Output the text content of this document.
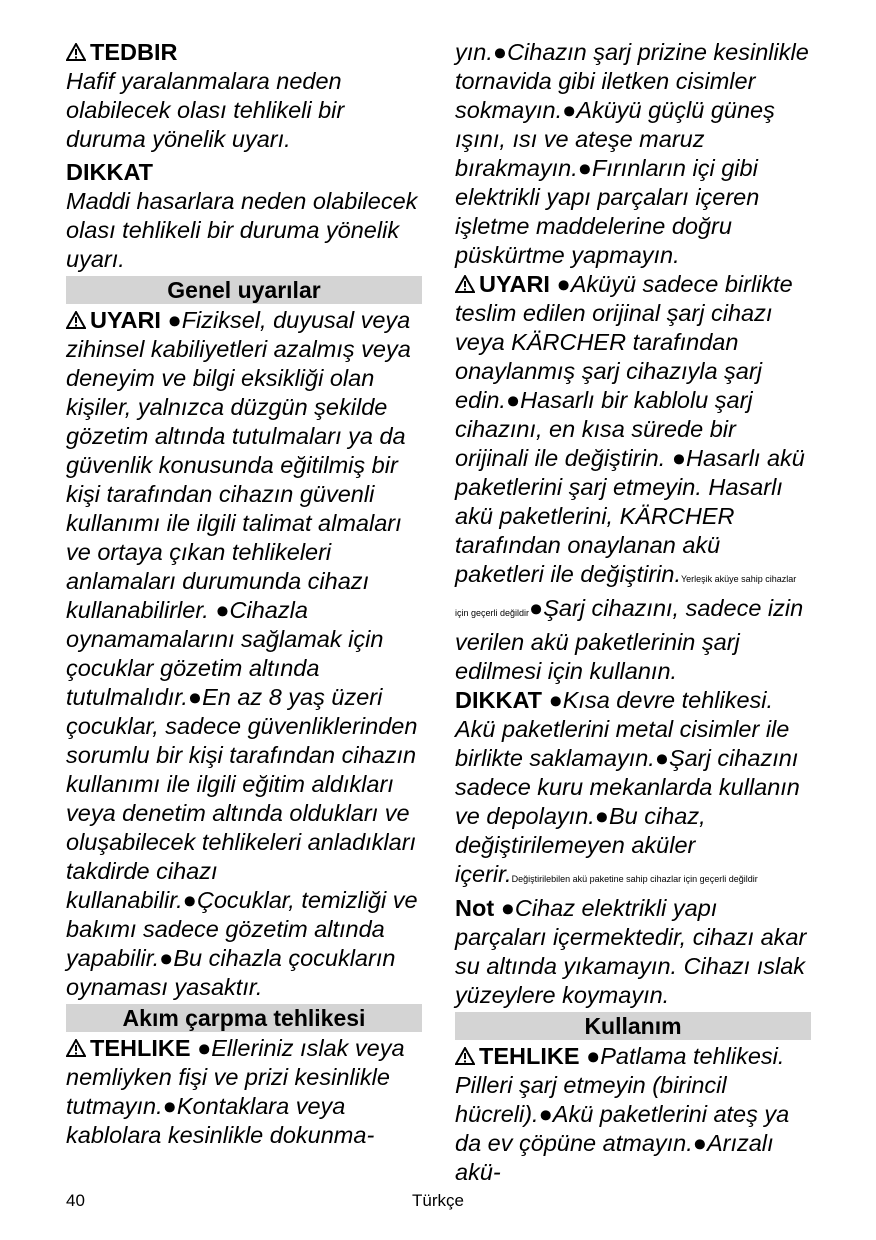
TEDBIR

Hafif yaralanmalara neden olabilecek olası tehlikeli bir duruma yönelik uyarı.

DIKKAT

Maddi hasarlara neden olabilecek olası tehlikeli bir duruma yönelik uyarı.

Genel uyarılar

UYARI ●Fiziksel, duyusal veya zihinsel kabiliyetleri azalmış veya deneyim ve bilgi eksikliği olan kişiler, yalnızca düzgün şekilde gözetim altında tutulmaları ya da güvenlik konusunda eğitilmiş bir kişi tarafından cihazın güvenli kullanımı ile ilgili talimat almaları ve ortaya çıkan tehlikeleri anlamaları durumunda cihazı kullanabilirler. ●Cihazla oynamamalarını sağlamak için çocuklar gözetim altında tutulmalıdır.●En az 8 yaş üzeri çocuklar, sadece güvenliklerinden sorumlu bir kişi tarafından cihazın kullanımı ile ilgili eğitim aldıkları veya denetim altında oldukları ve oluşabilecek tehlikeleri anladıkları takdirde cihazı kullanabilir.●Çocuklar, temizliği ve bakımı sadece gözetim altında yapabilir.●Bu cihazla çocukların oynaması yasaktır.

Akım çarpma tehlikesi

TEHLIKE ●Elleriniz ıslak veya nemliyken fişi ve prizi kesinlikle tutmayın.●Kontaklara veya kablolara kesinlikle dokunma-

yın.●Cihazın şarj prizine kesinlikle tornavida gibi iletken cisimler sokmayın.●Aküyü güçlü güneş ışını, ısı ve ateşe maruz bırakmayın.●Fırınların içi gibi elektrikli yapı parçaları içeren işletme maddelerine doğru püskürtme yapmayın.

UYARI ●Aküyü sadece birlikte teslim edilen orijinal şarj cihazı veya KÄRCHER tarafından onaylanmış şarj cihazıyla şarj edin.●Hasarlı bir kablolu şarj cihazını, en kısa sürede bir orijinali ile değiştirin. ●Hasarlı akü paketlerini şarj etmeyin. Hasarlı akü paketlerini, KÄRCHER tarafından onaylanan akü paketleri ile değiştirin.Yerleşik aküye sahip cihazlar için geçerli değildir●Şarj cihazını, sadece izin verilen akü paketlerinin şarj edilmesi için kullanın.

DIKKAT ●Kısa devre tehlikesi. Akü paketlerini metal cisimler ile birlikte saklamayın.●Şarj cihazını sadece kuru mekanlarda kullanın ve depolayın.●Bu cihaz, değiştirilemeyen aküler içerir.Değiştirilebilen akü paketine sahip cihazlar için geçerli değildir

Not ●Cihaz elektrikli yapı parçaları içermektedir, cihazı akar su altında yıkamayın. Cihazı ıslak yüzeylere koymayın.

Kullanım

TEHLIKE ●Patlama tehlikesi. Pilleri şarj etmeyin (birincil hücreli).●Akü paketlerini ateş ya da ev çöpüne atmayın.●Arızalı akü-

40	Türkçe
